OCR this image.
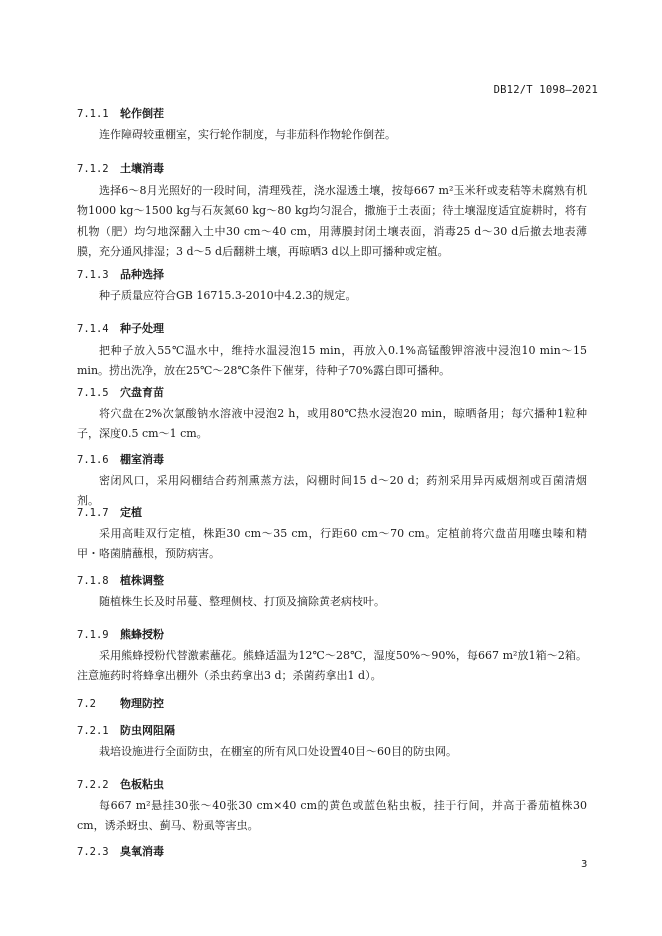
DB12/T 1098—2021
7.1.1 轮作倒茬

连作障碍较重棚室，实行轮作制度，与非茄科作物轮作倒茬。

7.1.2 土壤消毒

选择6～8月光照好的一段时间，清理残茬，浇水湿透土壤，按每667 m²玉米秆或麦秸等未腐熟有机物1000 kg～1500 kg与石灰氮60 kg～80 kg均匀混合，撒施于土表面；待土壤湿度适宜旋耕时，将有机物（肥）均匀地深翻入土中30 cm～40 cm，用薄膜封闭土壤表面，消毒25 d～30 d后撤去地表薄膜，充分通风排湿；3 d～5 d后翻耕土壤，再晾晒3 d以上即可播种或定植。

7.1.3 品种选择

种子质量应符合GB 16715.3-2010中4.2.3的规定。

7.1.4 种子处理

把种子放入55℃温水中，维持水温浸泡15 min，再放入0.1%高锰酸钾溶液中浸泡10 min～15 min。捞出洗净，放在25℃～28℃条件下催芽，待种子70%露白即可播种。

7.1.5 穴盘育苗

将穴盘在2%次氯酸钠水溶液中浸泡2 h，或用80℃热水浸泡20 min，晾晒备用；每穴播种1粒种子，深度0.5 cm～1 cm。

7.1.6 棚室消毒

密闭风口，采用闷棚结合药剂熏蒸方法，闷棚时间15 d～20 d；药剂采用异丙威烟剂或百菌清烟剂。

7.1.7 定植

采用高畦双行定植，株距30 cm～35 cm，行距60 cm～70 cm。定植前将穴盘苗用噻虫嗪和精甲・咯菌腈蘸根，预防病害。

7.1.8 植株调整

随植株生长及时吊蔓、整理侧枝、打顶及摘除黄老病枝叶。

7.1.9 熊蜂授粉

采用熊蜂授粉代替激素蘸花。熊蜂适温为12℃～28℃，湿度50%～90%，每667 m²放1箱～2箱。注意施药时将蜂拿出棚外（杀虫药拿出3 d；杀菌药拿出1 d）。

7.2 物理防控
7.2.1 防虫网阻隔

栽培设施进行全面防虫，在棚室的所有风口处设置40目～60目的防虫网。

7.2.2 色板粘虫

每667 m²悬挂30张～40张30 cm×40 cm的黄色或蓝色粘虫板，挂于行间，并高于番茄植株30 cm，诱杀蚜虫、蓟马、粉虱等害虫。

7.2.3 臭氧消毒
3
